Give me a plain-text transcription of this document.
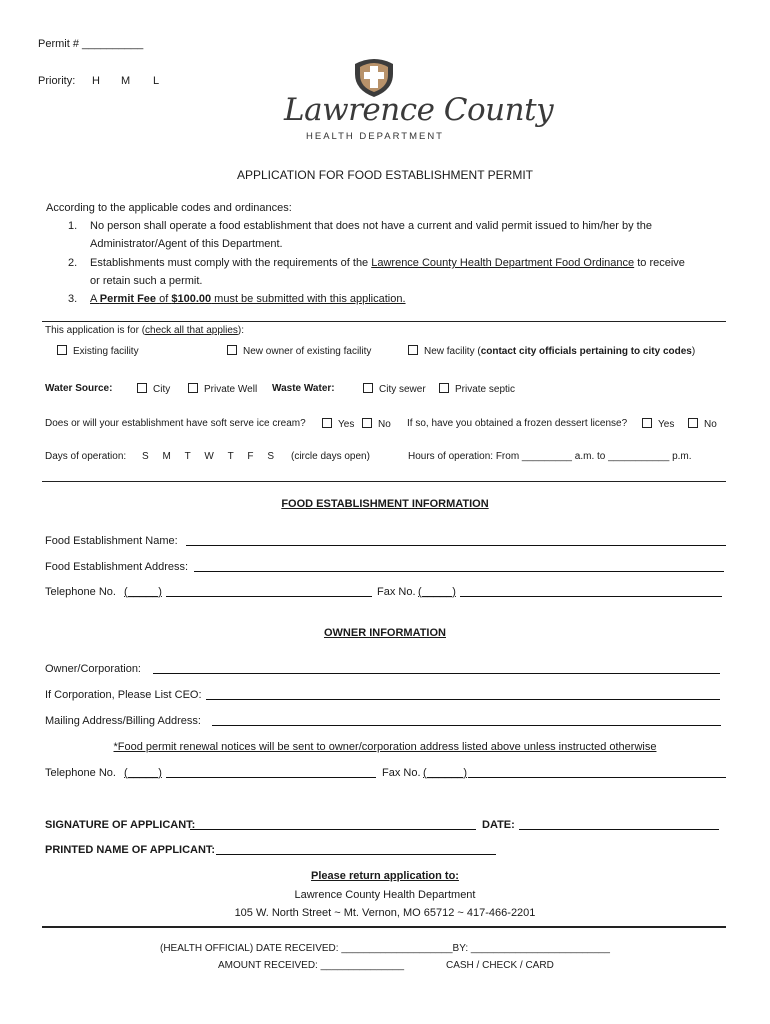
Permit # __________
Priority: H M L
Lawrence County
HEALTH DEPARTMENT
APPLICATION FOR FOOD ESTABLISHMENT PERMIT
According to the applicable codes and ordinances:
1. No person shall operate a food establishment that does not have a current and valid permit issued to him/her by the
Administrator/Agent of this Department.
2. Establishments must comply with the requirements of the Lawrence County Health Department Food Ordinance to receive
or retain such a permit.
3. A Permit Fee of $100.00 must be submitted with this application.
This application is for (check all that applies):
Existing facility	New owner of existing facility	New facility (contact city officials pertaining to city codes)
Water Source:	City	Private Well Waste Water:	City sewer	Private septic
Does or will your establishment have soft serve ice cream?	Yes	No If so, have you obtained a frozen dessert license?	Yes	No
Days of operation: S     M     T     W     T     F     S (circle days open)	Hours of operation: From _________ a.m. to ___________ p.m.
FOOD ESTABLISHMENT INFORMATION
Food Establishment Name:
Food Establishment Address:
Telephone No. (_____)	Fax No. (_____)
OWNER INFORMATION
Owner/Corporation:
If Corporation, Please List CEO:
Mailing Address/Billing Address:
*Food permit renewal notices will be sent to owner/corporation address listed above unless instructed otherwise
Telephone No. (_____)	Fax No. (______)
SIGNATURE OF APPLICANT:	DATE:
PRINTED NAME OF APPLICANT:
Please return application to:
Lawrence County Health Department
105 W. North Street ~ Mt. Vernon, MO 65712 ~ 417-466-2201
(HEALTH OFFICIAL) DATE RECEIVED: ____________________BY: _________________________
AMOUNT RECEIVED: _______________	CASH / CHECK / CARD
